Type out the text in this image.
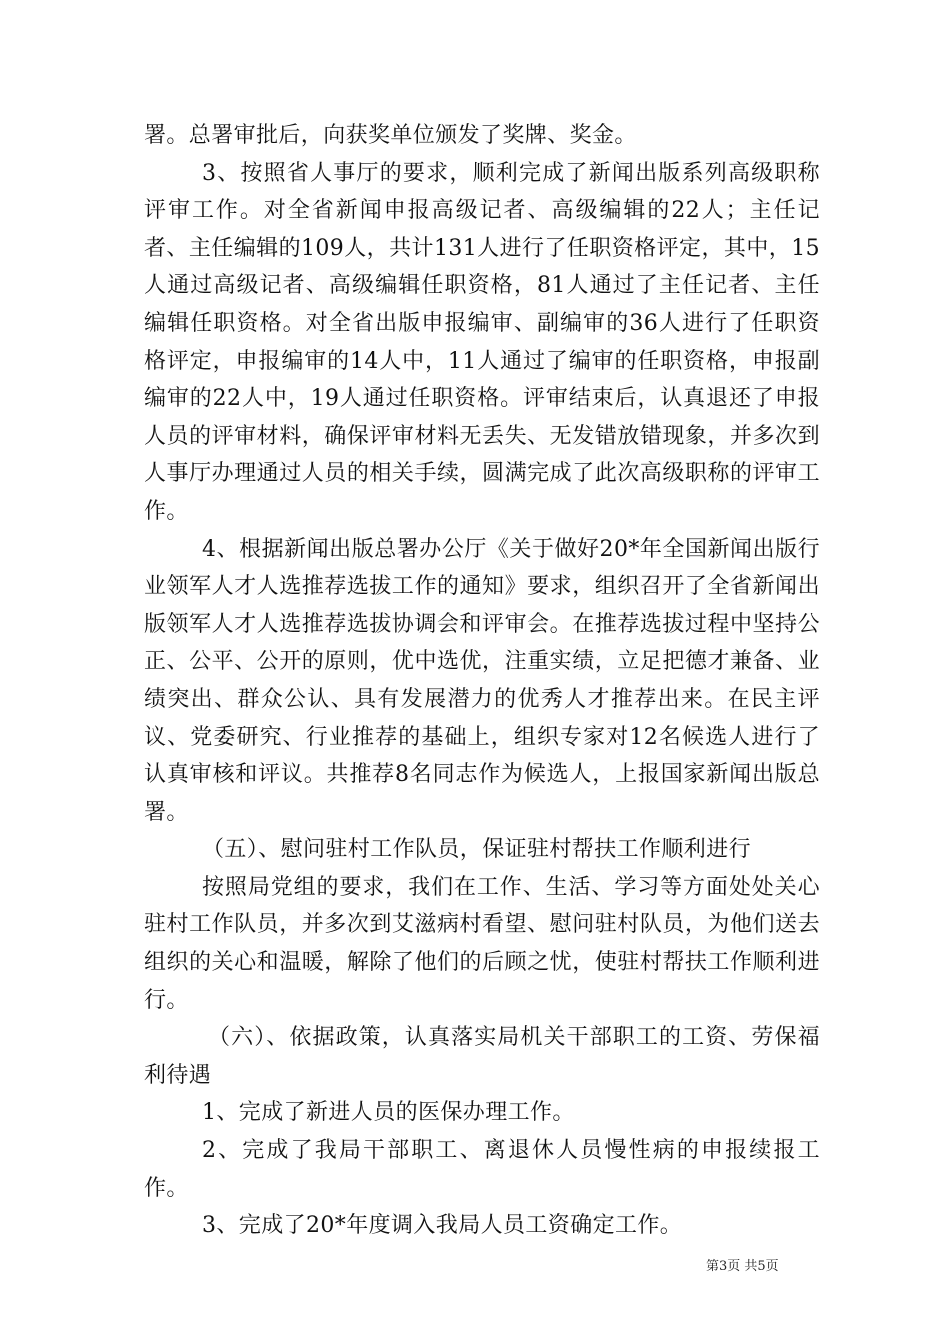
署。总署审批后，向获奖单位颁发了奖牌、奖金。

3、按照省人事厅的要求，顺利完成了新闻出版系列高级职称评审工作。对全省新闻申报高级记者、高级编辑的22人；主任记者、主任编辑的109人，共计131人进行了任职资格评定，其中，15人通过高级记者、高级编辑任职资格，81人通过了主任记者、主任编辑任职资格。对全省出版申报编审、副编审的36人进行了任职资格评定，申报编审的14人中，11人通过了编审的任职资格，申报副编审的22人中，19人通过任职资格。评审结束后，认真退还了申报人员的评审材料，确保评审材料无丢失、无发错放错现象，并多次到人事厅办理通过人员的相关手续，圆满完成了此次高级职称的评审工作。

4、根据新闻出版总署办公厅《关于做好20*年全国新闻出版行业领军人才人选推荐选拔工作的通知》要求，组织召开了全省新闻出版领军人才人选推荐选拔协调会和评审会。在推荐选拔过程中坚持公正、公平、公开的原则，优中选优，注重实绩，立足把德才兼备、业绩突出、群众公认、具有发展潜力的优秀人才推荐出来。在民主评议、党委研究、行业推荐的基础上，组织专家对12名候选人进行了认真审核和评议。共推荐8名同志作为候选人，上报国家新闻出版总署。

（五）、慰问驻村工作队员，保证驻村帮扶工作顺利进行

按照局党组的要求，我们在工作、生活、学习等方面处处关心驻村工作队员，并多次到艾滋病村看望、慰问驻村队员，为他们送去组织的关心和温暖，解除了他们的后顾之忧，使驻村帮扶工作顺利进行。

（六）、依据政策，认真落实局机关干部职工的工资、劳保福利待遇

1、完成了新进人员的医保办理工作。

2、完成了我局干部职工、离退休人员慢性病的申报续报工作。

3、完成了20*年度调入我局人员工资确定工作。

第3页 共5页
